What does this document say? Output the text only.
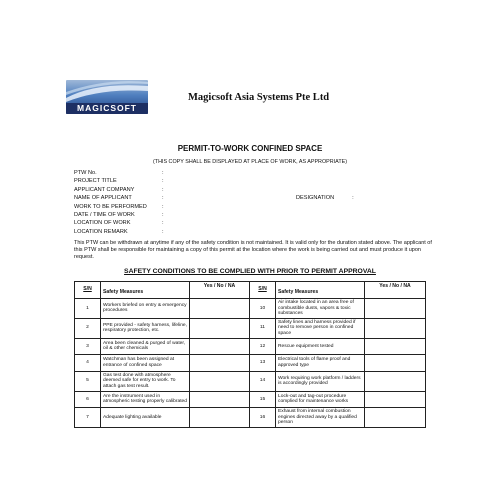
MAGICSOFT
Magicsoft Asia Systems Pte Ltd
PERMIT-TO-WORK CONFINED SPACE
(THIS COPY SHALL BE DISPLAYED AT PLACE OF WORK, AS APPROPRIATE)
PTW No.	:
PROJECT TITLE	:
APPLICANT COMPANY	:
NAME OF APPLICANT	:	DESIGNATION	:
WORK TO BE PERFORMED	:
DATE / TIME OF WORK	:
LOCATION OF WORK	:
LOCATION REMARK	:
This PTW can be withdrawn at anytime if any of the safety condition is not maintained. It is valid only for the duration stated above. The applicant of this PTW shall be responsible for maintaining a copy of this permit at the location where the work is being carried out and must produce it upon request.
SAFETY CONDITIONS TO BE COMPLIED WITH PRIOR TO PERMIT APPROVAL
S/N	Safety Measures	Yes / No / NA	S/N	Safety Measures	Yes / No / NA
1	Workers briefed on entry & emergency procedures		10	Air intake located in an area free of combustible dusts, vapors & toxic substances	
2	PPE provided - safety harness, lifeline, respiratory protection, etc.		11	Safety lines and harness provided if need to remove person in confined space	
3	Area been cleaned & purged of water, oil & other chemicals		12	Rescue equipment tested	
4	Watchman has been assigned at entrance of confined space		13	Electrical tools of flame proof and approved type	
5	Gas test done with atmosphere deemed safe for entry to work. To attach gas test result.		14	Work requiring work platform / ladders is accordingly provided	
6	Are the instrument used in atmospheric testing properly calibrated		15	Lock-out and tag-out procedure complied for maintenance works	
7	Adequate lighting available		16	Exhaust from internal combustion engines directed away by a qualified person	
